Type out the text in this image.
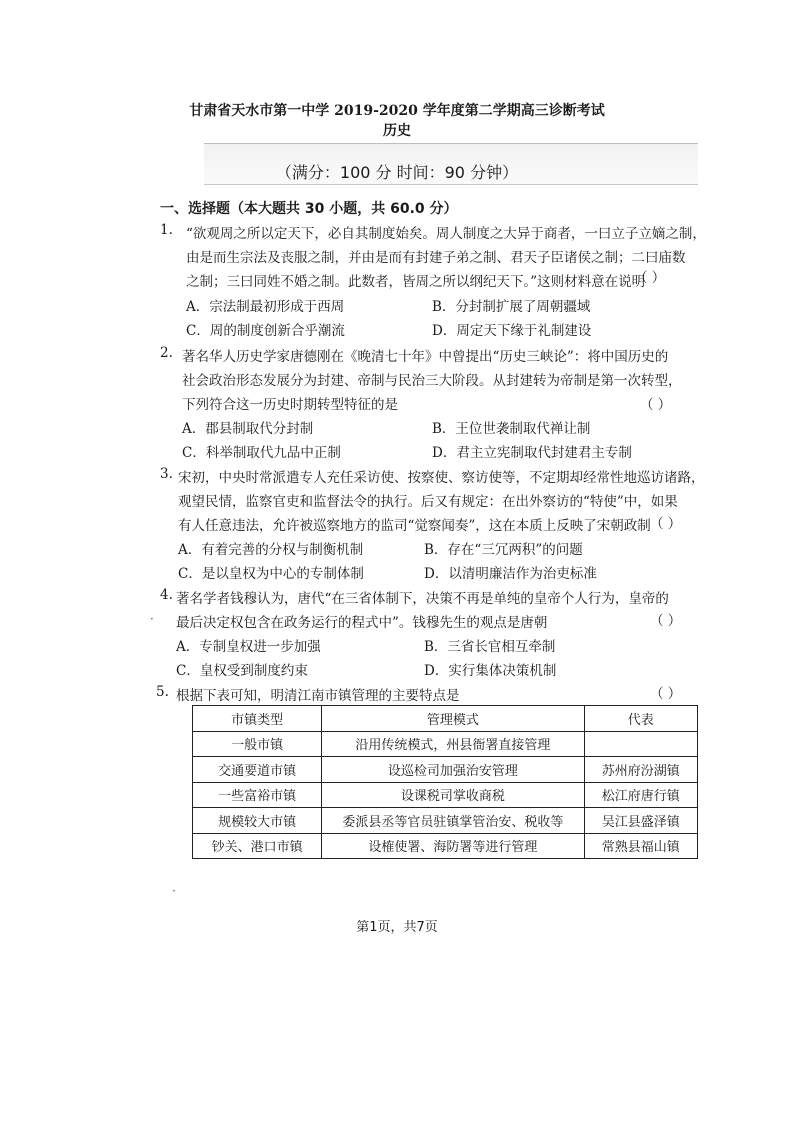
甘肃省天水市第一中学 2019-2020 学年度第二学期高三诊断考试
历史
（满分：100 分 时间：90 分钟）
一、选择题（本大题共 30 小题，共 60.0 分）
1. “欲观周之所以定天下，必自其制度始矣。周人制度之大异于商者，一曰立子立嫡之制，
由是而生宗法及丧服之制，并由是而有封建子弟之制、君天子臣诸侯之制；二曰庙数
之制；三曰同姓不婚之制。此数者，皆周之所以纲纪天下。”这则材料意在说明
（ ）
A．宗法制最初形成于西周	B．分封制扩展了周朝疆域
C．周的制度创新合乎潮流	D．周定天下缘于礼制建设
2. 著名华人历史学家唐德刚在《晚清七十年》中曾提出“历史三峡论”：将中国历史的
社会政治形态发展分为封建、帝制与民治三大阶段。从封建转为帝制是第一次转型，
下列符合这一历史时期转型特征的是	（ ）
A．郡县制取代分封制	B．王位世袭制取代禅让制
C．科举制取代九品中正制	D．君主立宪制取代封建君主专制
3. 宋初，中央时常派遣专人充任采访使、按察使、察访使等，不定期却经常性地巡访诸路，
观望民情，监察官吏和监督法令的执行。后又有规定：在出外察访的“特使”中，如果
有人任意违法，允许被巡察地方的监司“觉察闻奏”，这在本质上反映了宋朝政制 （ ）
A．有着完善的分权与制衡机制	B．存在“三冗两积”的问题
C．是以皇权为中心的专制体制	D．以清明廉洁作为治吏标准
4. 著名学者钱穆认为，唐代“在三省体制下，决策不再是单纯的皇帝个人行为，皇帝的
最后决定权包含在政务运行的程式中”。钱穆先生的观点是唐朝
·	（ ）
A．专制皇权进一步加强	B．三省长官相互牵制
C．皇权受到制度约束	D．实行集体决策机制
5. 根据下表可知，明清江南市镇管理的主要特点是	（ ）
市镇类型	管理模式	代表
一般市镇	沿用传统模式，州县衙署直接管理	
交通要道市镇	设巡检司加强治安管理	苏州府汾湖镇
一些富裕市镇	设课税司掌收商税	松江府唐行镇
规模较大市镇	委派县丞等官员驻镇掌管治安、税收等	吴江县盛泽镇
钞关、港口市镇	设榷使署、海防署等进行管理	常熟县福山镇
·
第1页，共7页
